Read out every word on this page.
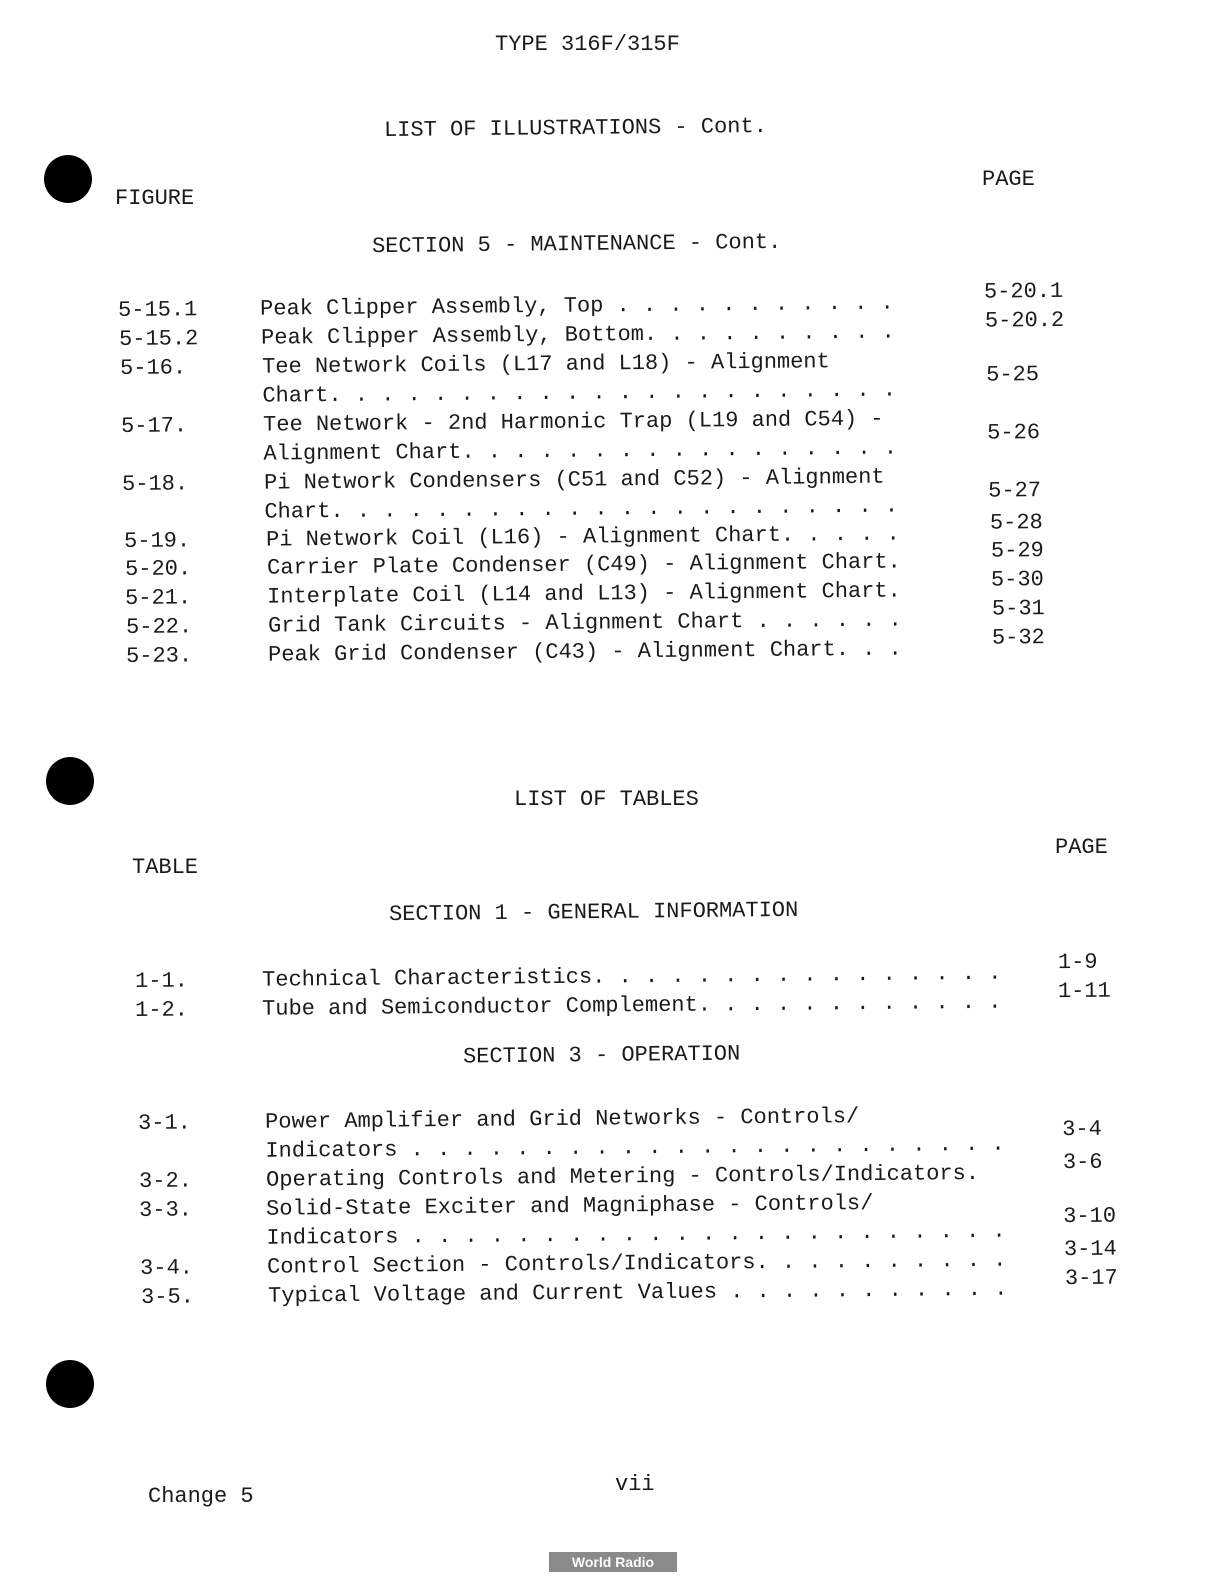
TYPE 316F/315F
LIST OF ILLUSTRATIONS - Cont.
FIGURE
PAGE
SECTION 5 - MAINTENANCE - Cont.
5-15.1	Peak Clipper Assembly, Top . . . . . . . . . . .	5-20.1
5-15.2	Peak Clipper Assembly, Bottom. . . . . . . . . .	5-20.2
5-16.	Tee Network Coils (L17 and L18) - Alignment
Chart. . . . . . . . . . . . . . . . . . . . . .
5-25
5-17.	Tee Network - 2nd Harmonic Trap (L19 and C54) -
Alignment Chart. . . . . . . . . . . . . . . . .
5-26
5-18.	Pi Network Condensers (C51 and C52) - Alignment
Chart. . . . . . . . . . . . . . . . . . . . . .
5-27
5-19.	Pi Network Coil (L16) - Alignment Chart. . . . .	5-28
5-20.	Carrier Plate Condenser (C49) - Alignment Chart.	5-29
5-21.	Interplate Coil (L14 and L13) - Alignment Chart.	5-30
5-22.	Grid Tank Circuits - Alignment Chart . . . . . .	5-31
5-23.	Peak Grid Condenser (C43) - Alignment Chart. . .	5-32
LIST OF TABLES
TABLE
PAGE
SECTION 1 - GENERAL INFORMATION
1-1.	Technical Characteristics. . . . . . . . . . . . . . . .	1-9
1-2.	Tube and Semiconductor Complement. . . . . . . . . . . .	1-11
SECTION 3 - OPERATION
3-1.	Power Amplifier and Grid Networks - Controls/
Indicators . . . . . . . . . . . . . . . . . . . . . . .
3-4
3-2.	Operating Controls and Metering - Controls/Indicators.	3-6
3-3.	Solid-State Exciter and Magniphase - Controls/
Indicators . . . . . . . . . . . . . . . . . . . . . . .
3-10
3-4.	Control Section - Controls/Indicators. . . . . . . . . .	3-14
3-5.	Typical Voltage and Current Values . . . . . . . . . . .	3-17
Change 5	vii
World Radio History
